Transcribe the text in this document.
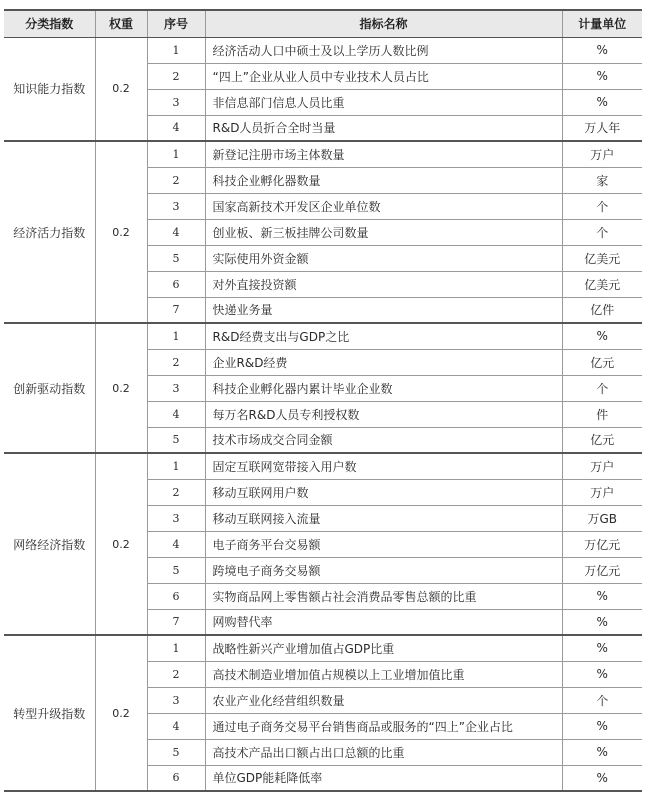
分类指数	权重	序号	指标名称	计量单位
知识能力指数	0.2	1	经济活动人口中硕士及以上学历人数比例	%
		2	“四上”企业从业人员中专业技术人员占比	%
		3	非信息部门信息人员比重	%
		4	R&D人员折合全时当量	万人年
经济活力指数	0.2	1	新登记注册市场主体数量	万户
		2	科技企业孵化器数量	家
		3	国家高新技术开发区企业单位数	个
		4	创业板、新三板挂牌公司数量	个
		5	实际使用外资金额	亿美元
		6	对外直接投资额	亿美元
		7	快递业务量	亿件
创新驱动指数	0.2	1	R&D经费支出与GDP之比	%
		2	企业R&D经费	亿元
		3	科技企业孵化器内累计毕业企业数	个
		4	每万名R&D人员专利授权数	件
		5	技术市场成交合同金额	亿元
网络经济指数	0.2	1	固定互联网宽带接入用户数	万户
		2	移动互联网用户数	万户
		3	移动互联网接入流量	万GB
		4	电子商务平台交易额	万亿元
		5	跨境电子商务交易额	万亿元
		6	实物商品网上零售额占社会消费品零售总额的比重	%
		7	网购替代率	%
转型升级指数	0.2	1	战略性新兴产业增加值占GDP比重	%
		2	高技术制造业增加值占规模以上工业增加值比重	%
		3	农业产业化经营组织数量	个
		4	通过电子商务交易平台销售商品或服务的“四上”企业占比	%
		5	高技术产品出口额占出口总额的比重	%
		6	单位GDP能耗降低率	%
